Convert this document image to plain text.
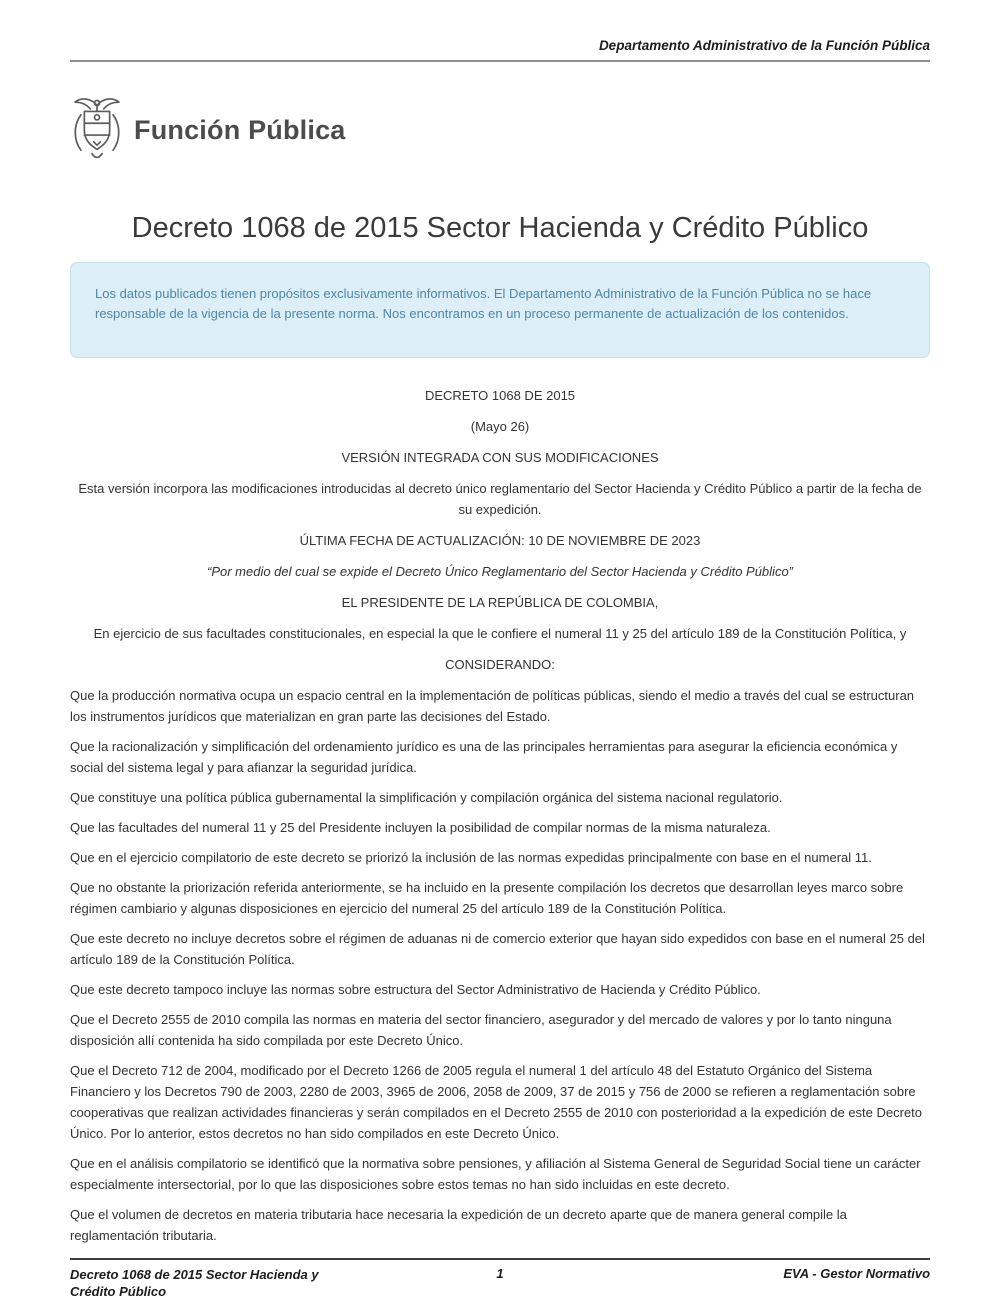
Departamento Administrativo de la Función Pública
Función Pública
Decreto 1068 de 2015 Sector Hacienda y Crédito Público
Los datos publicados tienen propósitos exclusivamente informativos. El Departamento Administrativo de la Función Pública no se hace responsable de la vigencia de la presente norma. Nos encontramos en un proceso permanente de actualización de los contenidos.

DECRETO 1068 DE 2015

(Mayo 26)

VERSIÓN INTEGRADA CON SUS MODIFICACIONES

Esta versión incorpora las modificaciones introducidas al decreto único reglamentario del Sector Hacienda y Crédito Público a partir de la fecha de su expedición.

ÚLTIMA FECHA DE ACTUALIZACIÓN: 10 DE NOVIEMBRE DE 2023

“Por medio del cual se expide el Decreto Único Reglamentario del Sector Hacienda y Crédito Público”

EL PRESIDENTE DE LA REPÚBLICA DE COLOMBIA,

En ejercicio de sus facultades constitucionales, en especial la que le confiere el numeral 11 y 25 del artículo 189 de la Constitución Política, y

CONSIDERANDO:

Que la producción normativa ocupa un espacio central en la implementación de políticas públicas, siendo el medio a través del cual se estructuran los instrumentos jurídicos que materializan en gran parte las decisiones del Estado.

Que la racionalización y simplificación del ordenamiento jurídico es una de las principales herramientas para asegurar la eficiencia económica y social del sistema legal y para afianzar la seguridad jurídica.

Que constituye una política pública gubernamental la simplificación y compilación orgánica del sistema nacional regulatorio.

Que las facultades del numeral 11 y 25 del Presidente incluyen la posibilidad de compilar normas de la misma naturaleza.

Que en el ejercicio compilatorio de este decreto se priorizó la inclusión de las normas expedidas principalmente con base en el numeral 11.

Que no obstante la priorización referida anteriormente, se ha incluido en la presente compilación los decretos que desarrollan leyes marco sobre régimen cambiario y algunas disposiciones en ejercicio del numeral 25 del artículo 189 de la Constitución Política.

Que este decreto no incluye decretos sobre el régimen de aduanas ni de comercio exterior que hayan sido expedidos con base en el numeral 25 del artículo 189 de la Constitución Política.

Que este decreto tampoco incluye las normas sobre estructura del Sector Administrativo de Hacienda y Crédito Público.

Que el Decreto 2555 de 2010 compila las normas en materia del sector financiero, asegurador y del mercado de valores y por lo tanto ninguna disposición allí contenida ha sido compilada por este Decreto Único.

Que el Decreto 712 de 2004, modificado por el Decreto 1266 de 2005 regula el numeral 1 del artículo 48 del Estatuto Orgánico del Sistema Financiero y los Decretos 790 de 2003, 2280 de 2003, 3965 de 2006, 2058 de 2009, 37 de 2015 y 756 de 2000 se refieren a reglamentación sobre cooperativas que realizan actividades financieras y serán compilados en el Decreto 2555 de 2010 con posterioridad a la expedición de este Decreto Único. Por lo anterior, estos decretos no han sido compilados en este Decreto Único.

Que en el análisis compilatorio se identificó que la normativa sobre pensiones, y afiliación al Sistema General de Seguridad Social tiene un carácter especialmente intersectorial, por lo que las disposiciones sobre estos temas no han sido incluidas en este decreto.

Que el volumen de decretos en materia tributaria hace necesaria la expedición de un decreto aparte que de manera general compile la reglamentación tributaria.

Decreto 1068 de 2015 Sector Hacienda y Crédito Público
1	EVA - Gestor Normativo
